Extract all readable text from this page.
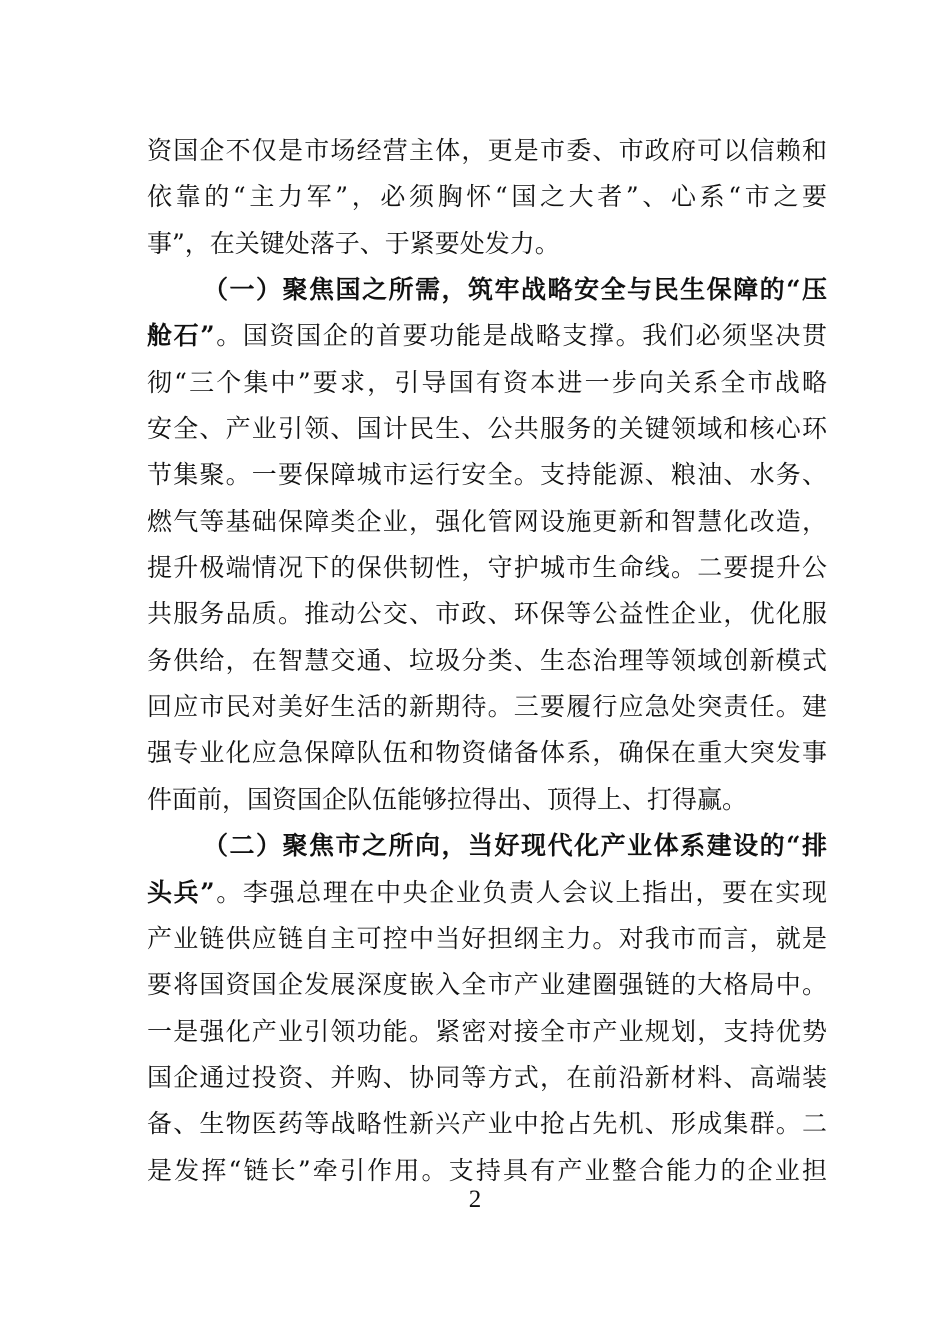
资国企不仅是市场经营主体，更是市委、市政府可以信赖和
依靠的“主力军”，必须胸怀“国之大者”、心系“市之要
事”，在关键处落子、于紧要处发力。
（一）聚焦国之所需，筑牢战略安全与民生保障的“压
舱石”。国资国企的首要功能是战略支撑。我们必须坚决贯
彻“三个集中”要求，引导国有资本进一步向关系全市战略
安全、产业引领、国计民生、公共服务的关键领域和核心环
节集聚。一要保障城市运行安全。支持能源、粮油、水务、
燃气等基础保障类企业，强化管网设施更新和智慧化改造，
提升极端情况下的保供韧性，守护城市生命线。二要提升公
共服务品质。推动公交、市政、环保等公益性企业，优化服
务供给，在智慧交通、垃圾分类、生态治理等领域创新模式
回应市民对美好生活的新期待。三要履行应急处突责任。建
强专业化应急保障队伍和物资储备体系，确保在重大突发事
件面前，国资国企队伍能够拉得出、顶得上、打得赢。
（二）聚焦市之所向，当好现代化产业体系建设的“排
头兵”。李强总理在中央企业负责人会议上指出，要在实现
产业链供应链自主可控中当好担纲主力。对我市而言，就是
要将国资国企发展深度嵌入全市产业建圈强链的大格局中。
一是强化产业引领功能。紧密对接全市产业规划，支持优势
国企通过投资、并购、协同等方式，在前沿新材料、高端装
备、生物医药等战略性新兴产业中抢占先机、形成集群。二
是发挥“链长”牵引作用。支持具有产业整合能力的企业担
2
